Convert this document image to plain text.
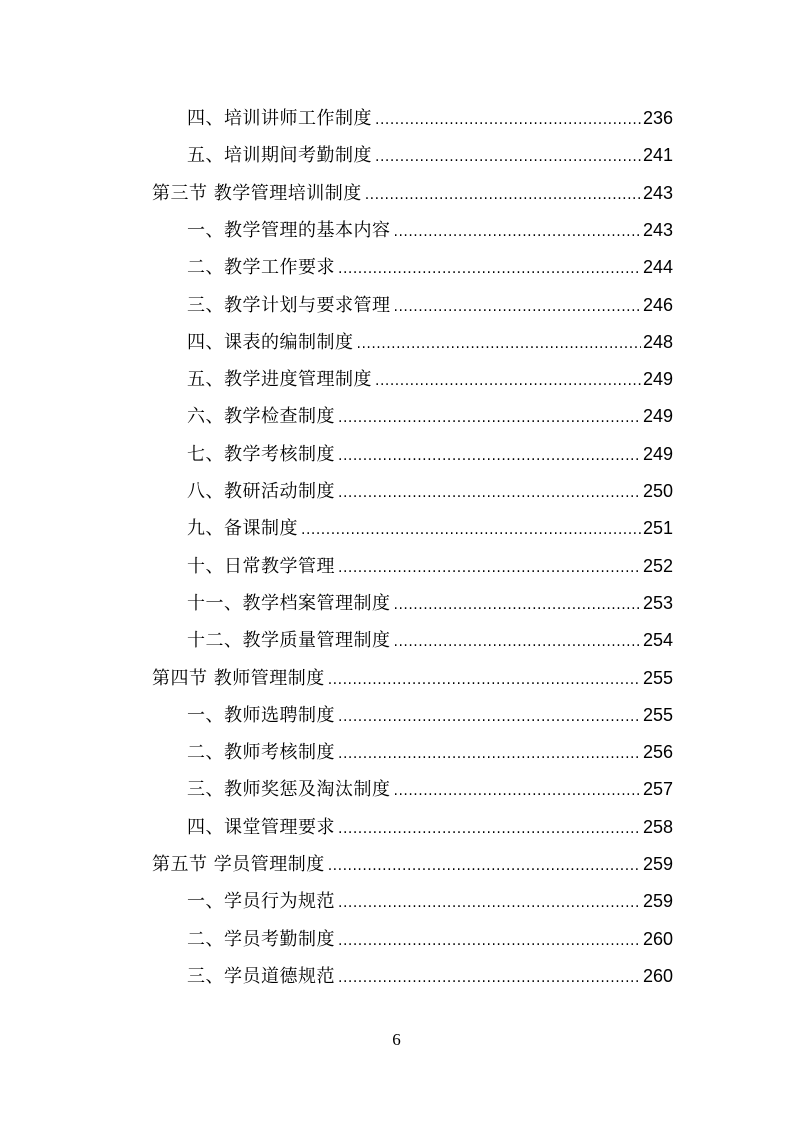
四、培训讲师工作制度 .....	236
五、培训期间考勤制度 .....	241
第三节 教学管理培训制度 .....	243
一、教学管理的基本内容 .....	243
二、教学工作要求 .....	244
三、教学计划与要求管理 .....	246
四、课表的编制制度 .....	248
五、教学进度管理制度 .....	249
六、教学检查制度 .....	249
七、教学考核制度 .....	249
八、教研活动制度 .....	250
九、备课制度 .....	251
十、日常教学管理 .....	252
十一、教学档案管理制度 .....	253
十二、教学质量管理制度 .....	254
第四节 教师管理制度 .....	255
一、教师选聘制度 .....	255
二、教师考核制度 .....	256
三、教师奖惩及淘汰制度 .....	257
四、课堂管理要求 .....	258
第五节 学员管理制度 .....	259
一、学员行为规范 .....	259
二、学员考勤制度 .....	260
三、学员道德规范 .....	260
6
